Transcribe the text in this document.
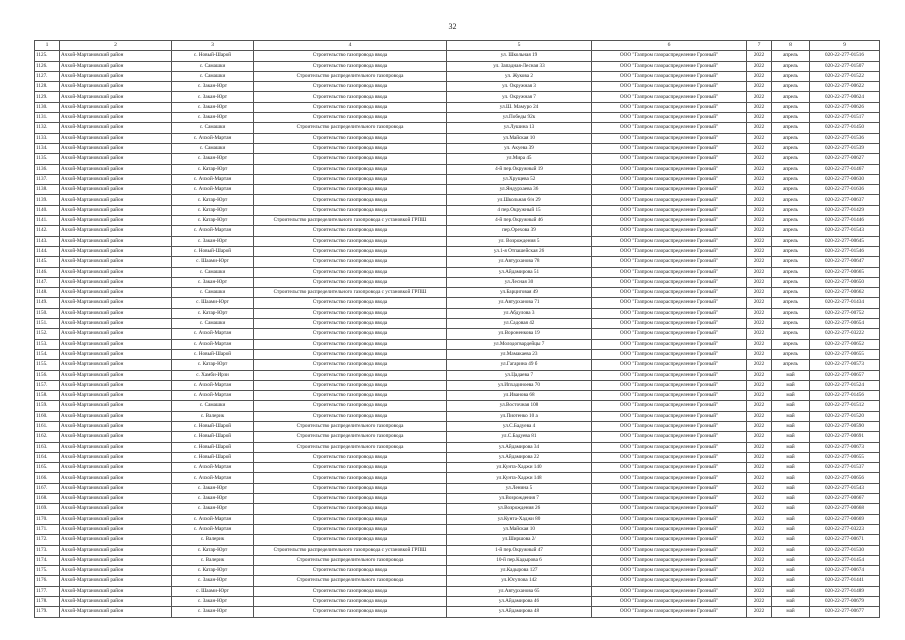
32
1	2	3	4	5	6	7	8	9
1125.	Ачхой-Мартановский район	с. Новый-Шарой	Строительство газопровода ввода	ул. Школьная 19	ООО "Газпром газораспределение Грозный"	2022	апрель	020-22-277-01516
1126.	Ачхой-Мартановский район	с. Самашки	Строительство газопровода ввода	ул. Западная-Лесная 33	ООО "Газпром газораспределение Грозный"	2022	апрель	020-22-277-01507
1127.	Ачхой-Мартановский район	с. Самашки	Строительство распределительного газопровода	ул. Жукова 2	ООО "Газпром газораспределение Грозный"	2022	апрель	020-22-277-01522
1128.	Ачхой-Мартановский район	с. Закан-Юрт	Строительство газопровода ввода	ул. Окружная 3	ООО "Газпром газораспределение Грозный"	2022	апрель	020-22-277-00622
1129.	Ачхой-Мартановский район	с. Закан-Юрт	Строительство газопровода ввода	ул. Окружная 7	ООО "Газпром газораспределение Грозный"	2022	апрель	020-22-277-00624
1130.	Ачхой-Мартановский район	с. Закан-Юрт	Строительство газопровода ввода	ул.Ш. Мамуро 24	ООО "Газпром газораспределение Грозный"	2022	апрель	020-22-277-00626
1131.	Ачхой-Мартановский район	с. Закан-Юрт	Строительство газопровода ввода	ул.Победы 92к	ООО "Газпром газораспределение Грозный"	2022	апрель	020-22-277-01517
1132.	Ачхой-Мартановский район	с. Самашки	Строительство распределительного газопровода	ул.Лушина 13	ООО "Газпром газораспределение Грозный"	2022	апрель	020-22-277-01450
1133.	Ачхой-Мартановский район	с. Ачхой-Мартан	Строительство газопровода ввода	ул.Майская 10	ООО "Газпром газораспределение Грозный"	2022	апрель	020-22-277-01536
1134.	Ачхой-Мартановский район	с. Самашки	Строительство газопровода ввода	ул. Акуева 39	ООО "Газпром газораспределение Грозный"	2022	апрель	020-22-277-01539
1135.	Ачхой-Мартановский район	с. Закан-Юрт	Строительство газопровода ввода	ул.Мира 45	ООО "Газпром газораспределение Грозный"	2022	апрель	020-22-277-00627
1136.	Ачхой-Мартановский район	с. Катар-Юрт	Строительство газопровода ввода	4-й пер.Окружный 19	ООО "Газпром газораспределение Грозный"	2022	апрель	020-22-277-01467
1137.	Ачхой-Мартановский район	с. Ачхой-Мартан	Строительство газопровода ввода	ул.Хрущева 52	ООО "Газпром газораспределение Грозный"	2022	апрель	020-22-277-00630
1138.	Ачхой-Мартановский район	с. Ачхой-Мартан	Строительство газопровода ввода	ул.Яндурхаева 36	ООО "Газпром газораспределение Грозный"	2022	апрель	020-22-277-01636
1139.	Ачхой-Мартановский район	с. Катар-Юрт	Строительство газопровода ввода	ул.Школьная 6/н 29	ООО "Газпром газораспределение Грозный"	2022	апрель	020-22-277-00637
1140.	Ачхой-Мартановский район	с. Катар-Юрт	Строительство газопровода ввода	4 пер.Окружный 15	ООО "Газпром газораспределение Грозный"	2022	апрель	020-22-277-01429
1141.	Ачхой-Мартановский район	с. Катар-Юрт	Строительство распределительного газопровода с установкой ГРПШ	4-й пер.Окружный 46	ООО "Газпром газораспределение Грозный"	2022	апрель	020-22-277-01446
1142.	Ачхой-Мартановский район	с. Ачхой-Мартан	Строительство газопровода ввода	пер.Орехова 39	ООО "Газпром газораспределение Грозный"	2022	апрель	020-22-277-01543
1143.	Ачхой-Мартановский район	с. Закан-Юрт	Строительство газопровода ввода	ул. Возрождения 5	ООО "Газпром газораспределение Грозный"	2022	апрель	020-22-277-00645
1144.	Ачхой-Мартановский район	с. Новый-Шарой	Строительство газопровода ввода	ул.1-я Отпашейская 26	ООО "Газпром газораспределение Грозный"	2022	апрель	020-22-277-01546
1145.	Ачхой-Мартановский район	с. Шаами-Юрт	Строительство газопровода ввода	ул.Автурханова 78	ООО "Газпром газораспределение Грозный"	2022	апрель	020-22-277-00647
1146.	Ачхой-Мартановский район	с. Самашки	Строительство газопровода ввода	ул.Айдамирова 51	ООО "Газпром газораспределение Грозный"	2022	апрель	020-22-277-00665
1147.	Ачхой-Мартановский район	с. Закан-Юрт	Строительство газопровода ввода	ул.Лесная 30	ООО "Газпром газораспределение Грозный"	2022	апрель	020-22-277-00650
1148.	Ачхой-Мартановский район	с. Самашки	Строительство распределительного газопровода с установкой ГРПШ	ул.Барциговая 49	ООО "Газпром газораспределение Грозный"	2022	апрель	020-22-277-00662
1149.	Ачхой-Мартановский район	с. Шаами-Юрт	Строительство газопровода ввода	ул.Автурханова 71	ООО "Газпром газораспределение Грозный"	2022	апрель	020-22-277-01434
1150.	Ачхой-Мартановский район	с. Катар-Юрт	Строительство газопровода ввода	ул.Абдулова 3	ООО "Газпром газораспределение Грозный"	2022	апрель	020-22-277-00752
1151.	Ачхой-Мартановский район	с. Самашки	Строительство газопровода ввода	ул.Садовая 42	ООО "Газпром газораспределение Грозный"	2022	апрель	020-22-277-00654
1152.	Ачхой-Мартановский район	с. Ачхой-Мартан	Строительство газопровода ввода	ул.Вороненкова 19	ООО "Газпром газораспределение Грозный"	2022	апрель	020-22-277-03222
1153.	Ачхой-Мартановский район	с. Ачхой-Мартан	Строительство газопровода ввода	ул.Молодогвардейцы 7	ООО "Газпром газораспределение Грозный"	2022	апрель	020-22-277-00652
1154.	Ачхой-Мартановский район	с. Новый-Шарой	Строительство газопровода ввода	ул.Мамакаева 23	ООО "Газпром газораспределение Грозный"	2022	апрель	020-22-277-00655
1155.	Ачхой-Мартановский район	с. Катар-Юрт	Строительство газопровода ввода	ул.Гагарина 49 б	ООО "Газпром газораспределение Грозный"	2022	апрель	020-22-277-00573
1156.	Ачхой-Мартановский район	с. Хамби-Ирзи	Строительство газопровода ввода	ул.Цадаева 7	ООО "Газпром газораспределение Грозный"	2022	май	020-22-277-00657
1157.	Ачхой-Мартановский район	с. Ачхой-Мартан	Строительство газопровода ввода	ул.Ипхадиноева 70	ООО "Газпром газораспределение Грозный"	2022	май	020-22-277-01524
1158.	Ачхой-Мартановский район	с. Ачхой-Мартан	Строительство газопровода ввода	ул.Иванова 68	ООО "Газпром газораспределение Грозный"	2022	май	020-22-277-01456
1159.	Ачхой-Мартановский район	с. Самашки	Строительство газопровода ввода	ул.Восточная 108	ООО "Газпром газораспределение Грозный"	2022	май	020-22-277-01512
1160.	Ачхой-Мартановский район	с. Валерик	Строительство газопровода ввода	ул.Пиотенко 10 а	ООО "Газпром газораспределение Грозный"	2022	май	020-22-277-01520
1161.	Ачхой-Мартановский район	с. Новый-Шарой	Строительство распределительного газопровода	ул.С.Бадуева 4	ООО "Газпром газораспределение Грозный"	2022	май	020-22-277-00590
1162.	Ачхой-Мартановский район	с. Новый-Шарой	Строительство распределительного газопровода	ул.С.Бадуева 81	ООО "Газпром газораспределение Грозный"	2022	май	020-22-277-00691
1163.	Ачхой-Мартановский район	с. Новый-Шарой	Строительство распределительного газопровода	ул.Айдамирова 34	ООО "Газпром газораспределение Грозный"	2022	май	020-22-277-00673
1164.	Ачхой-Мартановский район	с. Новый-Шарой	Строительство газопровода ввода	ул.Айдамирова 22	ООО "Газпром газораспределение Грозный"	2022	май	020-22-277-00655
1165.	Ачхой-Мартановский район	с. Ачхой-Мартан	Строительство газопровода ввода	ул.Кунта-Хаджи 140	ООО "Газпром газораспределение Грозный"	2022	май	020-22-277-01537
1166.	Ачхой-Мартановский район	с. Ачхой-Мартан	Строительство газопровода ввода	ул.Кунта-Хаджи 148	ООО "Газпром газораспределение Грозный"	2022	май	020-22-277-00656
1167.	Ачхой-Мартановский район	с. Закан-Юрт	Строительство газопровода ввода	ул.Ленина 5	ООО "Газпром газораспределение Грозный"	2022	май	020-22-277-01543
1168.	Ачхой-Мартановский район	с. Закан-Юрт	Строительство газопровода ввода	ул.Возрождения 7	ООО "Газпром газораспределение Грозный"	2022	май	020-22-277-00667
1169.	Ачхой-Мартановский район	с. Закан-Юрт	Строительство газопровода ввода	ул.Возрождения 26	ООО "Газпром газораспределение Грозный"	2022	май	020-22-277-00668
1170.	Ачхой-Мартановский район	с. Ачхой-Мартан	Строительство газопровода ввода	ул.Кунта-Хаджи 80	ООО "Газпром газораспределение Грозный"	2022	май	020-22-277-00669
1171.	Ачхой-Мартановский район	с. Ачхой-Мартан	Строительство газопровода ввода	ул.Майская 10	ООО "Газпром газораспределение Грозный"	2022	май	020-22-277-03223
1172.	Ачхой-Мартановский район	с. Валерик	Строительство газопровода ввода	ул.Ширшова 2/	ООО "Газпром газораспределение Грозный"	2022	май	020-22-277-00671
1173.	Ачхой-Мартановский район	с. Катар-Юрт	Строительство распределительного газопровода с установкой ГРПШ	1-й пер.Окружный 47	ООО "Газпром газораспределение Грозный"	2022	май	020-22-277-01530
1174.	Ачхой-Мартановский район	с. Валерик	Строительство распределительного газопровода	10-й пер.Кадырова 6	ООО "Газпром газораспределение Грозный"	2022	май	020-22-277-01454
1175.	Ачхой-Мартановский район	с. Катар-Юрт	Строительство газопровода ввода	ул.Кадырова 127	ООО "Газпром газораспределение Грозный"	2022	май	020-22-277-00674
1176.	Ачхой-Мартановский район	с. Закан-Юрт	Строительство распределительного газопровода	ул.Юсупова 142	ООО "Газпром газораспределение Грозный"	2022	май	020-22-277-01441
1177.	Ачхой-Мартановский район	с. Шаами-Юрт	Строительство газопровода ввода	ул.Автурханова 65	ООО "Газпром газораспределение Грозный"	2022	май	020-22-277-01489
1178.	Ачхой-Мартановский район	с. Закан-Юрт	Строительство газопровода ввода	ул.Айдамирова 46	ООО "Газпром газораспределение Грозный"	2022	май	020-22-277-00679
1179.	Ачхой-Мартановский район	с. Закан-Юрт	Строительство газопровода ввода	ул.Айдамирова 48	ООО "Газпром газораспределение Грозный"	2022	май	020-22-277-00677
